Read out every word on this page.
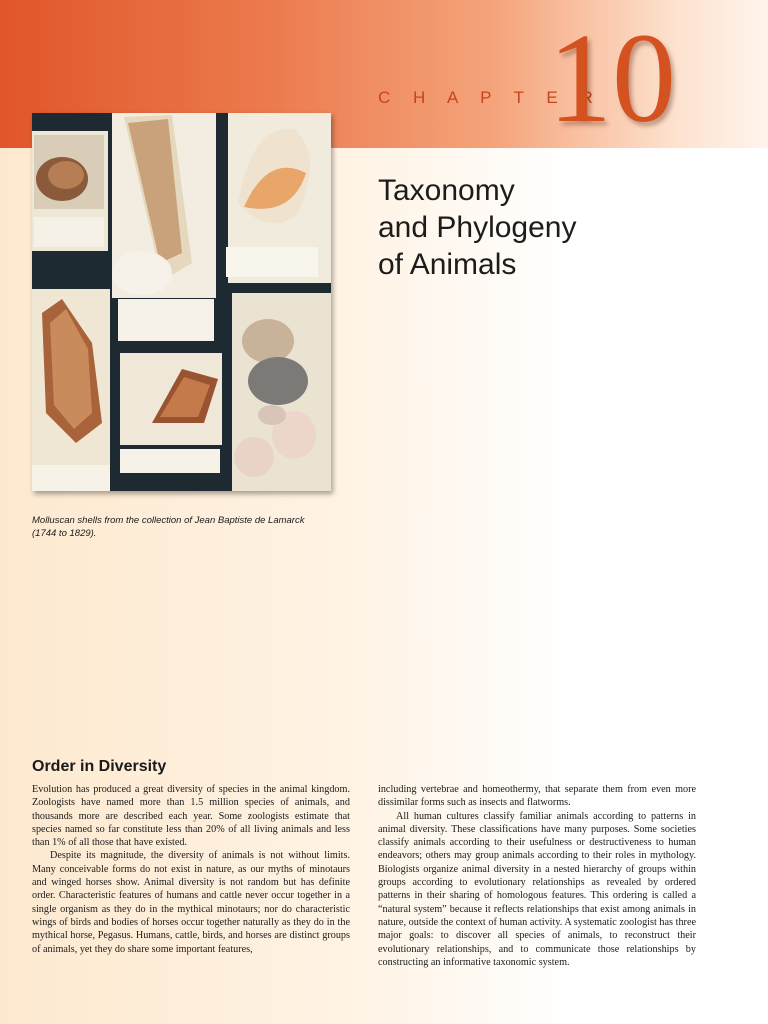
C H A P T E R
10
Taxonomy
and Phylogeny
of Animals
Molluscan shells from the collection of Jean Baptiste de Lamarck
(1744 to 1829).
Order in Diversity

Evolution has produced a great diversity of species in the animal kingdom. Zoologists have named more than 1.5 million species of animals, and thousands more are described each year. Some zoologists estimate that species named so far constitute less than 20% of all living animals and less than 1% of all those that have existed.

Despite its magnitude, the diversity of animals is not without limits. Many conceivable forms do not exist in nature, as our myths of minotaurs and winged horses show. Animal diversity is not random but has definite order. Characteristic features of humans and cattle never occur together in a single organism as they do in the mythical minotaurs; nor do characteristic wings of birds and bodies of horses occur together naturally as they do in the mythical horse, Pegasus. Humans, cattle, birds, and horses are distinct groups of animals, yet they do share some important features,

including vertebrae and homeothermy, that separate them from even more dissimilar forms such as insects and flatworms.

All human cultures classify familiar animals according to patterns in animal diversity. These classifications have many purposes. Some societies classify animals according to their usefulness or destructiveness to human endeavors; others may group animals according to their roles in mythology. Biologists organize animal diversity in a nested hierarchy of groups within groups according to evolutionary relationships as revealed by ordered patterns in their sharing of homologous features. This ordering is called a “natural system” because it reflects relationships that exist among animals in nature, outside the context of human activity. A systematic zoologist has three major goals: to discover all species of animals, to reconstruct their evolutionary relationships, and to communicate those relationships by constructing an informative taxonomic system.
